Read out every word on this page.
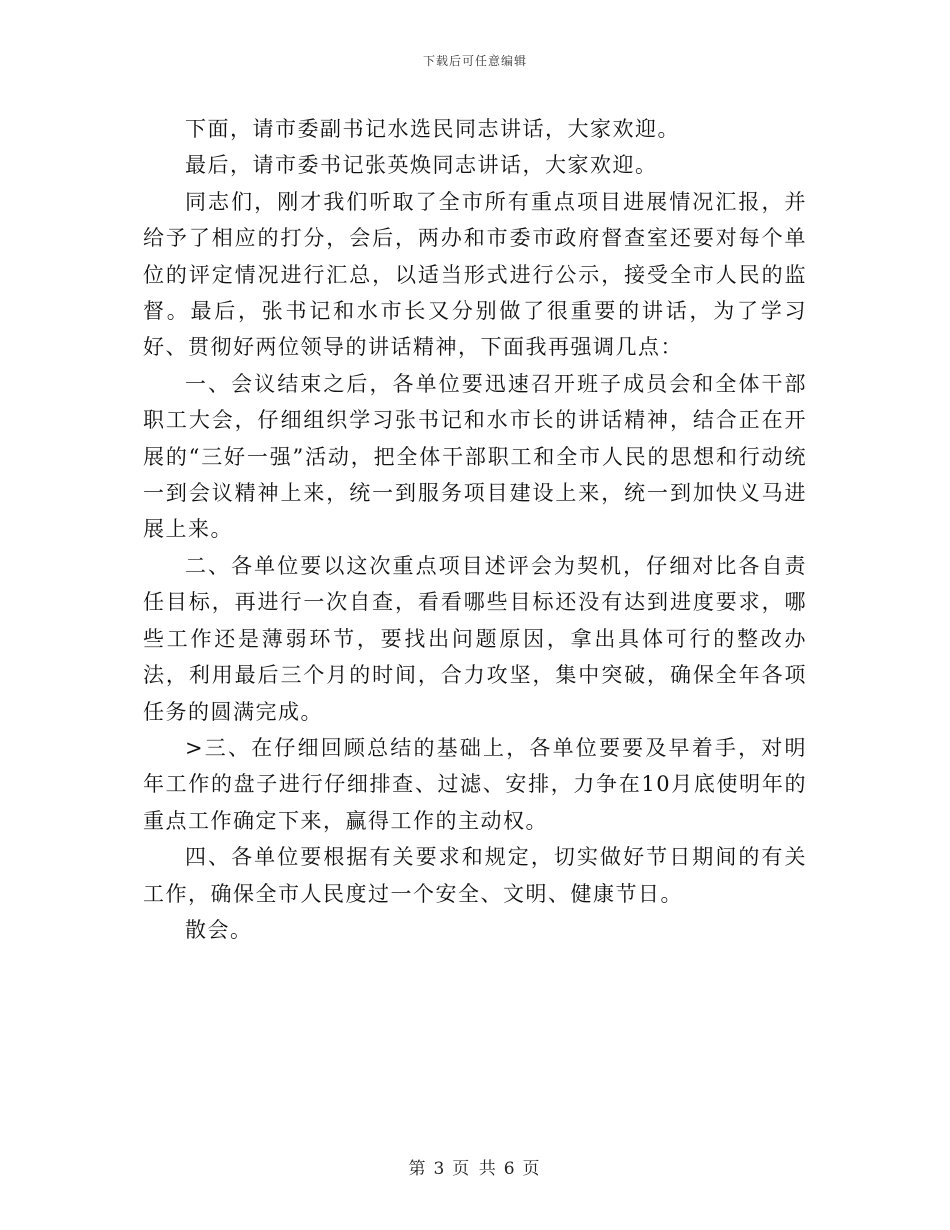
下载后可任意编辑

下面，请市委副书记水选民同志讲话，大家欢迎。

最后，请市委书记张英焕同志讲话，大家欢迎。

同志们，刚才我们听取了全市所有重点项目进展情况汇报，并给予了相应的打分，会后，两办和市委市政府督查室还要对每个单位的评定情况进行汇总，以适当形式进行公示，接受全市人民的监督。最后，张书记和水市长又分别做了很重要的讲话，为了学习好、贯彻好两位领导的讲话精神，下面我再强调几点：

一、会议结束之后，各单位要迅速召开班子成员会和全体干部职工大会，仔细组织学习张书记和水市长的讲话精神，结合正在开展的“三好一强”活动，把全体干部职工和全市人民的思想和行动统一到会议精神上来，统一到服务项目建设上来，统一到加快义马进展上来。

二、各单位要以这次重点项目述评会为契机，仔细对比各自责任目标，再进行一次自查，看看哪些目标还没有达到进度要求，哪些工作还是薄弱环节，要找出问题原因，拿出具体可行的整改办法，利用最后三个月的时间，合力攻坚，集中突破，确保全年各项任务的圆满完成。

>三、在仔细回顾总结的基础上，各单位要要及早着手，对明年工作的盘子进行仔细排查、过滤、安排，力争在10月底使明年的重点工作确定下来，赢得工作的主动权。

四、各单位要根据有关要求和规定，切实做好节日期间的有关工作，确保全市人民度过一个安全、文明、健康节日。

散会。

第 3 页 共 6 页
